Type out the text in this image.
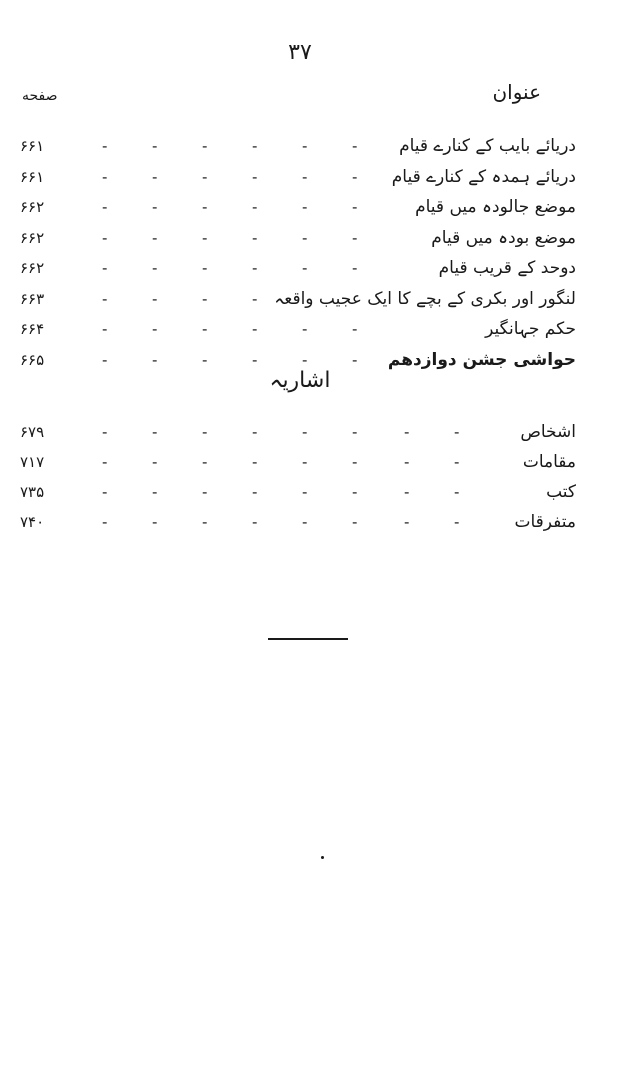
۳۷
عنوان
صفحه
۶۶۱	-	-	-	-	-	- دریائے بایب کے کنارے قیام
۶۶۱	-	-	-	-	-	- دریائے ہمدہ کے کنارے قیام
۶۶۲	-	-	-	-	-	-	موضع جالودہ میں قیام
۶۶۲	-	-	-	-	-	-	موضع بودہ میں قیام
۶۶۲	-	-	-	-	-	-	دوحد کے قریب قیام
۶۶۳	-	-	-	- لنگور اور بکری کے بچے کا ایک عجیب واقعہ
۶۶۴	-	-	-	-	-	-	حکم جہانگیر
۶۶۵	-	-	-	-	-	- حواشی جشن دوازدھم
اشاریہ
۶۷۹	-	-	-	-	-	-	-	-	اشخاص
۷۱۷	-	-	-	-	-	-	-	-	مقامات
۷۳۵	-	-	-	-	-	-	-	-	کتب
۷۴۰	-	-	-	-	-	-	-	-	متفرقات
